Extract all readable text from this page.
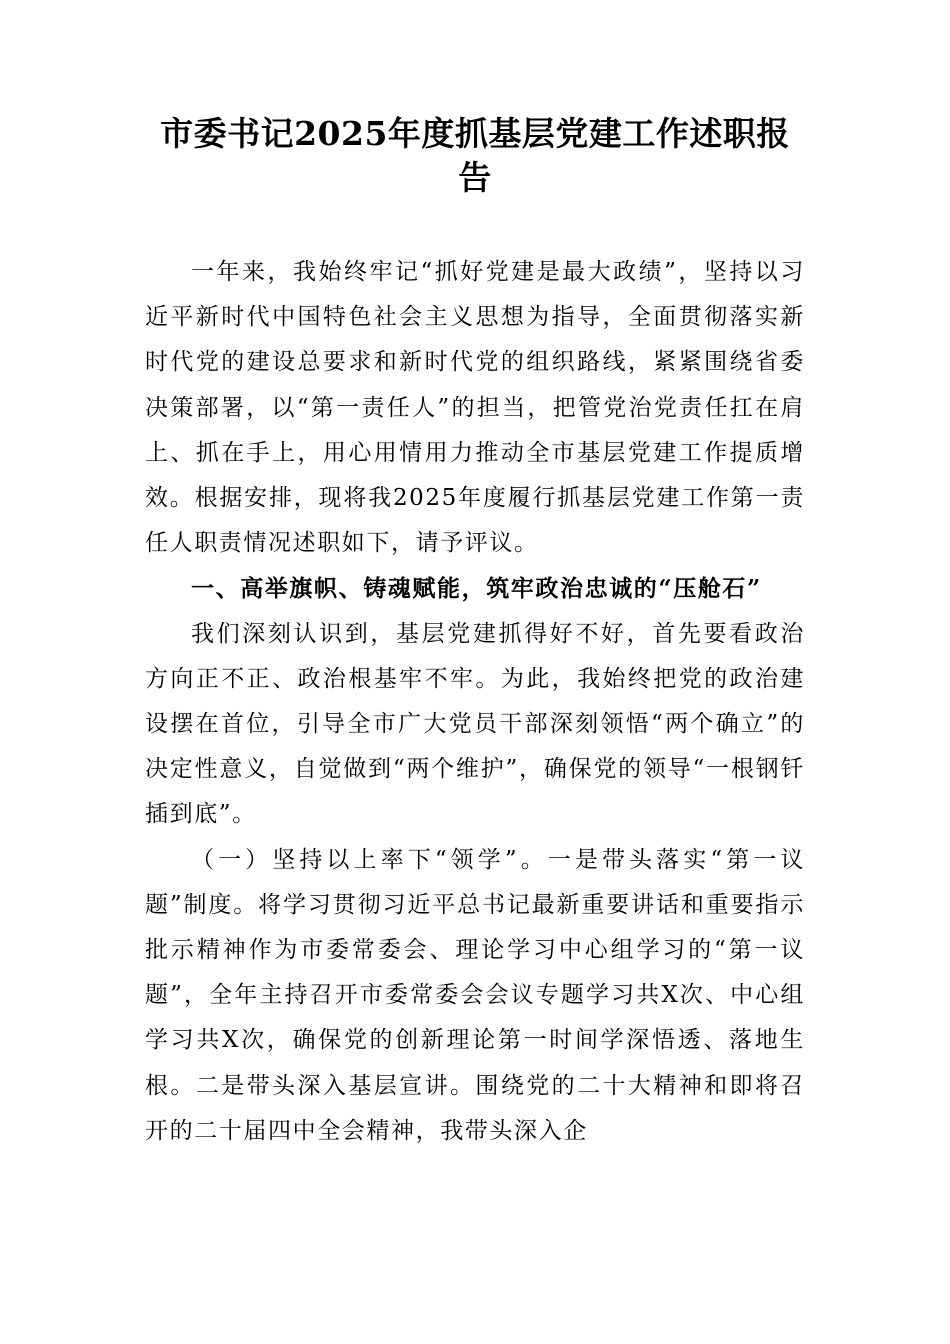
市委书记2025年度抓基层党建工作述职报告

一年来，我始终牢记“抓好党建是最大政绩”，坚持以习近平新时代中国特色社会主义思想为指导，全面贯彻落实新时代党的建设总要求和新时代党的组织路线，紧紧围绕省委决策部署，以“第一责任人”的担当，把管党治党责任扛在肩上、抓在手上，用心用情用力推动全市基层党建工作提质增效。根据安排，现将我2025年度履行抓基层党建工作第一责任人职责情况述职如下，请予评议。

一、高举旗帜、铸魂赋能，筑牢政治忠诚的“压舱石”

我们深刻认识到，基层党建抓得好不好，首先要看政治方向正不正、政治根基牢不牢。为此，我始终把党的政治建设摆在首位，引导全市广大党员干部深刻领悟“两个确立”的决定性意义，自觉做到“两个维护”，确保党的领导“一根钢钎插到底”。

（一）坚持以上率下“领学”。一是带头落实“第一议题”制度。将学习贯彻习近平总书记最新重要讲话和重要指示批示精神作为市委常委会、理论学习中心组学习的“第一议题”，全年主持召开市委常委会会议专题学习共X次、中心组学习共X次，确保党的创新理论第一时间学深悟透、落地生根。二是带头深入基层宣讲。围绕党的二十大精神和即将召开的二十届四中全会精神，我带头深入企
